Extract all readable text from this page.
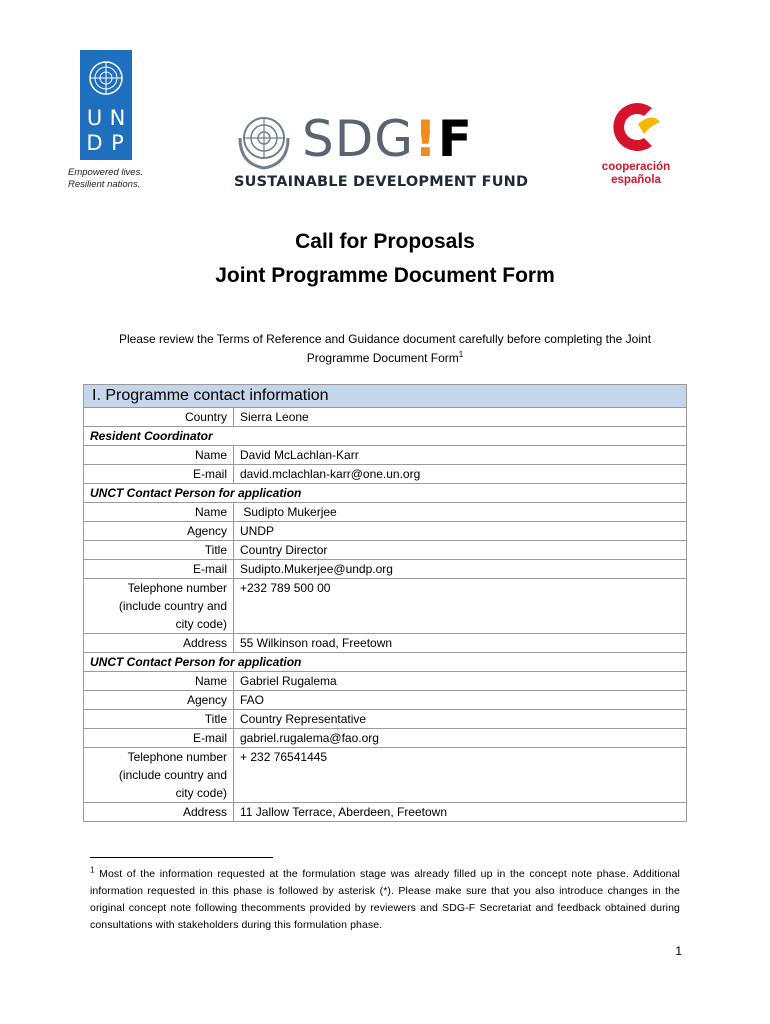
U N
D P
Empowered lives.
Resilient nations.
SDG!F
SUSTAINABLE DEVELOPMENT FUND
cooperación
española
Call for Proposals
Joint Programme Document Form
Please review the Terms of Reference and Guidance document carefully before completing the Joint Programme Document Form$^1$
I. Programme contact information	
Country	Sierra Leone
Resident Coordinator	
Name	David McLachlan-Karr
E-mail	david.mclachlan-karr@one.un.org
UNCT Contact Person for application	
Name	Sudipto Mukerjee
Agency	UNDP
Title	Country Director
E-mail	Sudipto.Mukerjee@undp.org

Telephone number
(include country and
city code)	+232 789 500 00
Address	55 Wilkinson road, Freetown
UNCT Contact Person for application	
Name	Gabriel Rugalema
Agency	FAO
Title	Country Representative
E-mail	gabriel.rugalema@fao.org

Telephone number
(include country and
city code)	+ 232 76541445
Address	11 Jallow Terrace, Aberdeen, Freetown
$^1$ Most of the information requested at the formulation stage was already filled up in the concept note phase. Additional information requested in this phase is followed by asterisk (*). Please make sure that you also introduce changes in the original concept note following thecomments provided by reviewers and SDG-F Secretariat and feedback obtained during consultations with stakeholders during this formulation phase.
1
